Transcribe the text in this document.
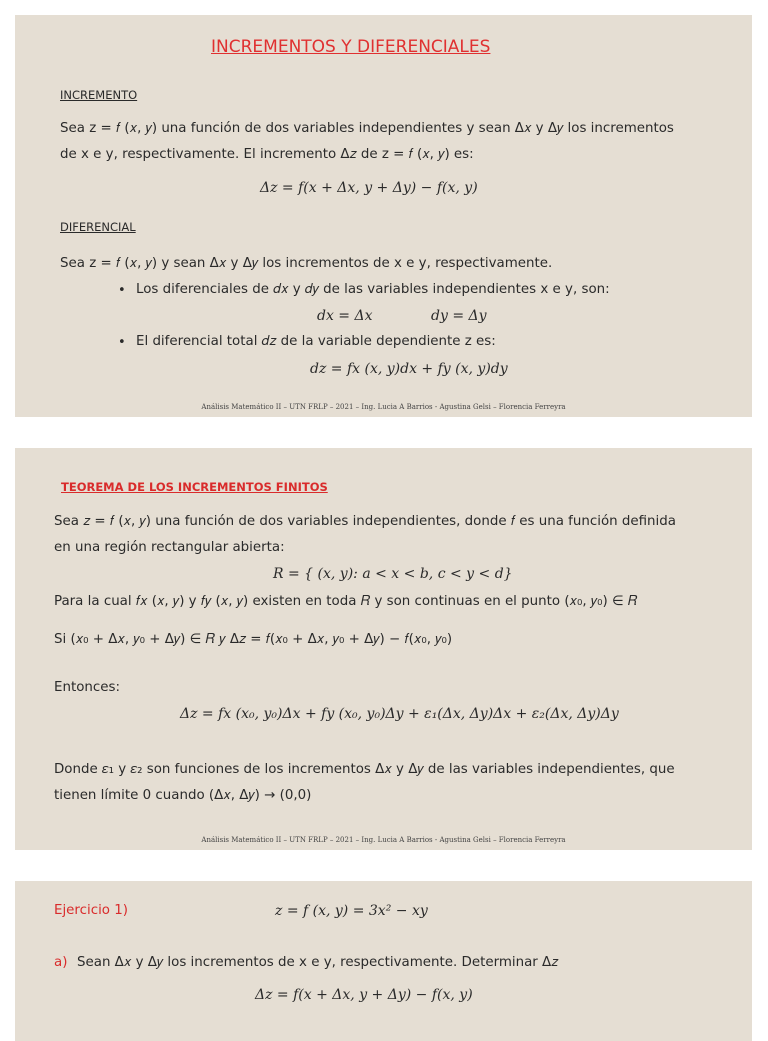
INCREMENTOS Y DIFERENCIALES
INCREMENTO
Sea z = 𝑓 (𝑥, 𝑦) una función de dos variables independientes y sean Δ𝑥 y Δ𝑦 los incrementos
de x e y, respectivamente. El incremento Δ𝑧 de z = 𝑓 (𝑥, 𝑦) es:
Δ𝑧 = 𝑓(𝑥 + Δ𝑥, 𝑦 + Δ𝑦) − 𝑓(𝑥, 𝑦)
DIFERENCIAL
Sea z = 𝑓 (𝑥, 𝑦) y sean Δ𝑥 y Δ𝑦 los incrementos de x e y, respectivamente.
• Los diferenciales de 𝑑𝑥 y 𝑑𝑦 de las variables independientes x e y, son:
𝑑𝑥 = Δ𝑥	𝑑𝑦 = Δ𝑦
• El diferencial total 𝑑𝑧 de la variable dependiente z es:
𝑑𝑧 = 𝑓𝑥 (𝑥, 𝑦)𝑑𝑥 + 𝑓𝑦 (𝑥, 𝑦)𝑑𝑦
Análisis Matemático II – UTN FRLP – 2021 – Ing. Lucia A Barrios - Agustina Gelsi – Florencia Ferreyra
TEOREMA DE LOS INCREMENTOS FINITOS
Sea 𝑧 = 𝑓 (𝑥, 𝑦) una función de dos variables independientes, donde 𝑓 es una función definida
en una región rectangular abierta:
𝑅 = { (𝑥, 𝑦): 𝑎 < 𝑥 < 𝑏, 𝑐 < 𝑦 < 𝑑}
Para la cual 𝑓𝑥 (𝑥, 𝑦) y 𝑓𝑦 (𝑥, 𝑦) existen en toda 𝑅 y son continuas en el punto (𝑥₀, 𝑦₀) ∈ 𝑅
Si (𝑥₀ + Δ𝑥, 𝑦₀ + Δ𝑦) ∈ 𝑅 𝑦 Δ𝑧 = 𝑓(𝑥₀ + Δ𝑥, 𝑦₀ + Δ𝑦) − 𝑓(𝑥₀, 𝑦₀)
Entonces:
Δ𝑧 = 𝑓𝑥 (𝑥₀, 𝑦₀)Δ𝑥 + 𝑓𝑦 (𝑥₀, 𝑦₀)Δ𝑦 + 𝜀₁(Δ𝑥, Δ𝑦)Δ𝑥 + 𝜀₂(Δ𝑥, Δ𝑦)Δ𝑦
Donde 𝜀₁ y 𝜀₂ son funciones de los incrementos Δ𝑥 y Δ𝑦 de las variables independientes, que
tienen límite 0 cuando (Δ𝑥, Δ𝑦) → (0,0)
Análisis Matemático II – UTN FRLP – 2021 – Ing. Lucia A Barrios - Agustina Gelsi – Florencia Ferreyra
Ejercicio 1)	𝑧 = 𝑓 (𝑥, 𝑦) = 3𝑥² − 𝑥𝑦
a) Sean Δ𝑥 y Δ𝑦 los incrementos de x e y, respectivamente. Determinar Δ𝑧
Δ𝑧 = 𝑓(𝑥 + Δ𝑥, 𝑦 + Δ𝑦) − 𝑓(𝑥, 𝑦)
